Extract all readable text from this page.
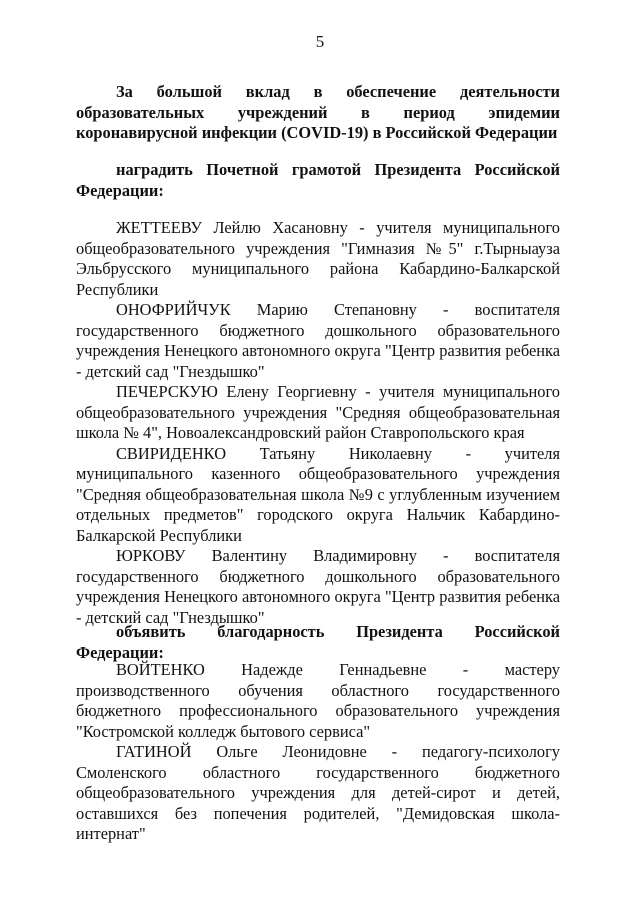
5
За большой вклад в обеспечение деятельности образовательных учреждений в период эпидемии коронавирусной инфекции (COVID-19) в Российской Федерации
наградить Почетной грамотой Президента Российской Федерации:

ЖЕТТЕЕВУ Лейлю Хасановну - учителя муниципального общеобразовательного учреждения "Гимназия №5" г.Тырныауза Эльбрусского муниципального района Кабардино-Балкарской Республики

ОНОФРИЙЧУК Марию Степановну - воспитателя государственного бюджетного дошкольного образовательного учреждения Ненецкого автономного округа "Центр развития ребенка - детский сад "Гнездышко"

ПЕЧЕРСКУЮ Елену Георгиевну - учителя муниципального общеобразовательного учреждения "Средняя общеобразовательная школа № 4", Новоалександровский район Ставропольского края

СВИРИДЕНКО Татьяну Николаевну - учителя муниципального казенного общеобразовательного учреждения "Средняя общеобразовательная школа №9 с углубленным изучением отдельных предметов" городского округа Нальчик Кабардино-Балкарской Республики

ЮРКОВУ Валентину Владимировну - воспитателя государственного бюджетного дошкольного образовательного учреждения Ненецкого автономного округа "Центр развития ребенка - детский сад "Гнездышко"

объявить благодарность Президента Российской Федерации:

ВОЙТЕНКО Надежде Геннадьевне - мастеру производственного обучения областного государственного бюджетного профессионального образовательного учреждения "Костромской колледж бытового сервиса"

ГАТИНОЙ Ольге Леонидовне - педагогу-психологу Смоленского областного государственного бюджетного общеобразовательного учреждения для детей-сирот и детей, оставшихся без попечения родителей, "Демидовская школа-интернат"
